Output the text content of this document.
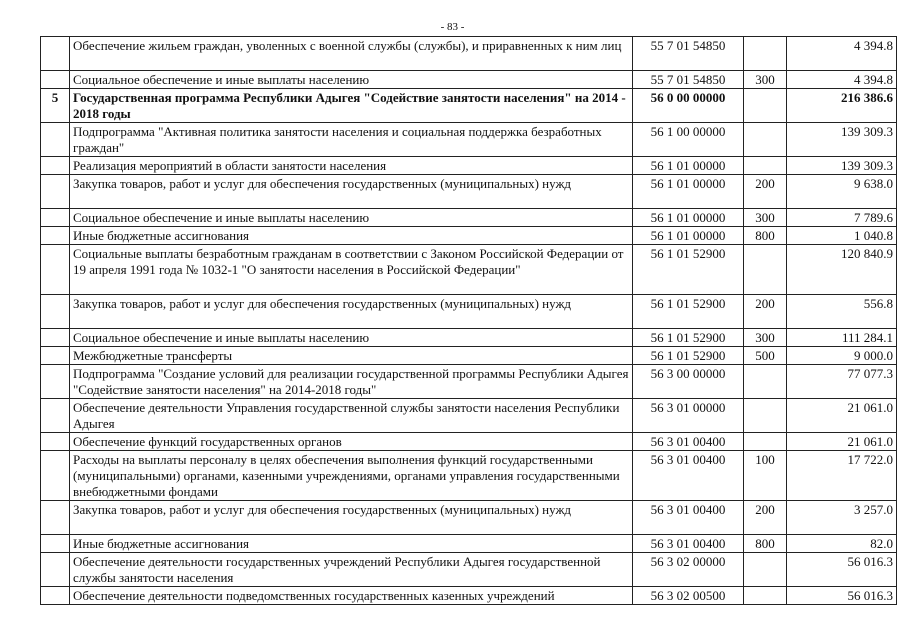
- 83 -
	Обеспечение жильем граждан, уволенных с военной службы (службы), и приравненных к ним лиц	55 7 01 54850		4 394.8
	Социальное обеспечение и иные выплаты населению	55 7 01 54850	300	4 394.8
5	Государственная программа Республики Адыгея "Содействие занятости населения" на 2014 - 2018 годы	56 0 00 00000		216 386.6
	Подпрограмма "Активная политика занятости населения и социальная поддержка безработных граждан"	56 1 00 00000		139 309.3
	Реализация мероприятий в области занятости населения	56 1 01 00000		139 309.3
	Закупка товаров, работ и услуг для обеспечения государственных (муниципальных) нужд	56 1 01 00000	200	9 638.0
	Социальное обеспечение и иные выплаты населению	56 1 01 00000	300	7 789.6
	Иные бюджетные ассигнования	56 1 01 00000	800	1 040.8
	Социальные выплаты безработным гражданам в соответствии с Законом Российской Федерации от 19 апреля 1991 года № 1032-1 "О занятости населения в Российской Федерации"	56 1 01 52900		120 840.9
	Закупка товаров, работ и услуг для обеспечения государственных (муниципальных) нужд	56 1 01 52900	200	556.8
	Социальное обеспечение и иные выплаты населению	56 1 01 52900	300	111 284.1
	Межбюджетные трансферты	56 1 01 52900	500	9 000.0
	Подпрограмма "Создание условий для реализации государственной программы Республики Адыгея "Содействие занятости населения" на 2014-2018 годы"	56 3 00 00000		77 077.3
	Обеспечение деятельности Управления государственной службы занятости населения Республики Адыгея	56 3 01 00000		21 061.0
	Обеспечение функций государственных органов	56 3 01 00400		21 061.0
	Расходы на выплаты персоналу в целях обеспечения выполнения функций государственными (муниципальными) органами, казенными учреждениями, органами управления государственными внебюджетными фондами	56 3 01 00400	100	17 722.0
	Закупка товаров, работ и услуг для обеспечения государственных (муниципальных) нужд	56 3 01 00400	200	3 257.0
	Иные бюджетные ассигнования	56 3 01 00400	800	82.0
	Обеспечение деятельности государственных учреждений Республики Адыгея государственной службы занятости населения	56 3 02 00000		56 016.3
	Обеспечение деятельности подведомственных государственных казенных учреждений	56 3 02 00500		56 016.3
